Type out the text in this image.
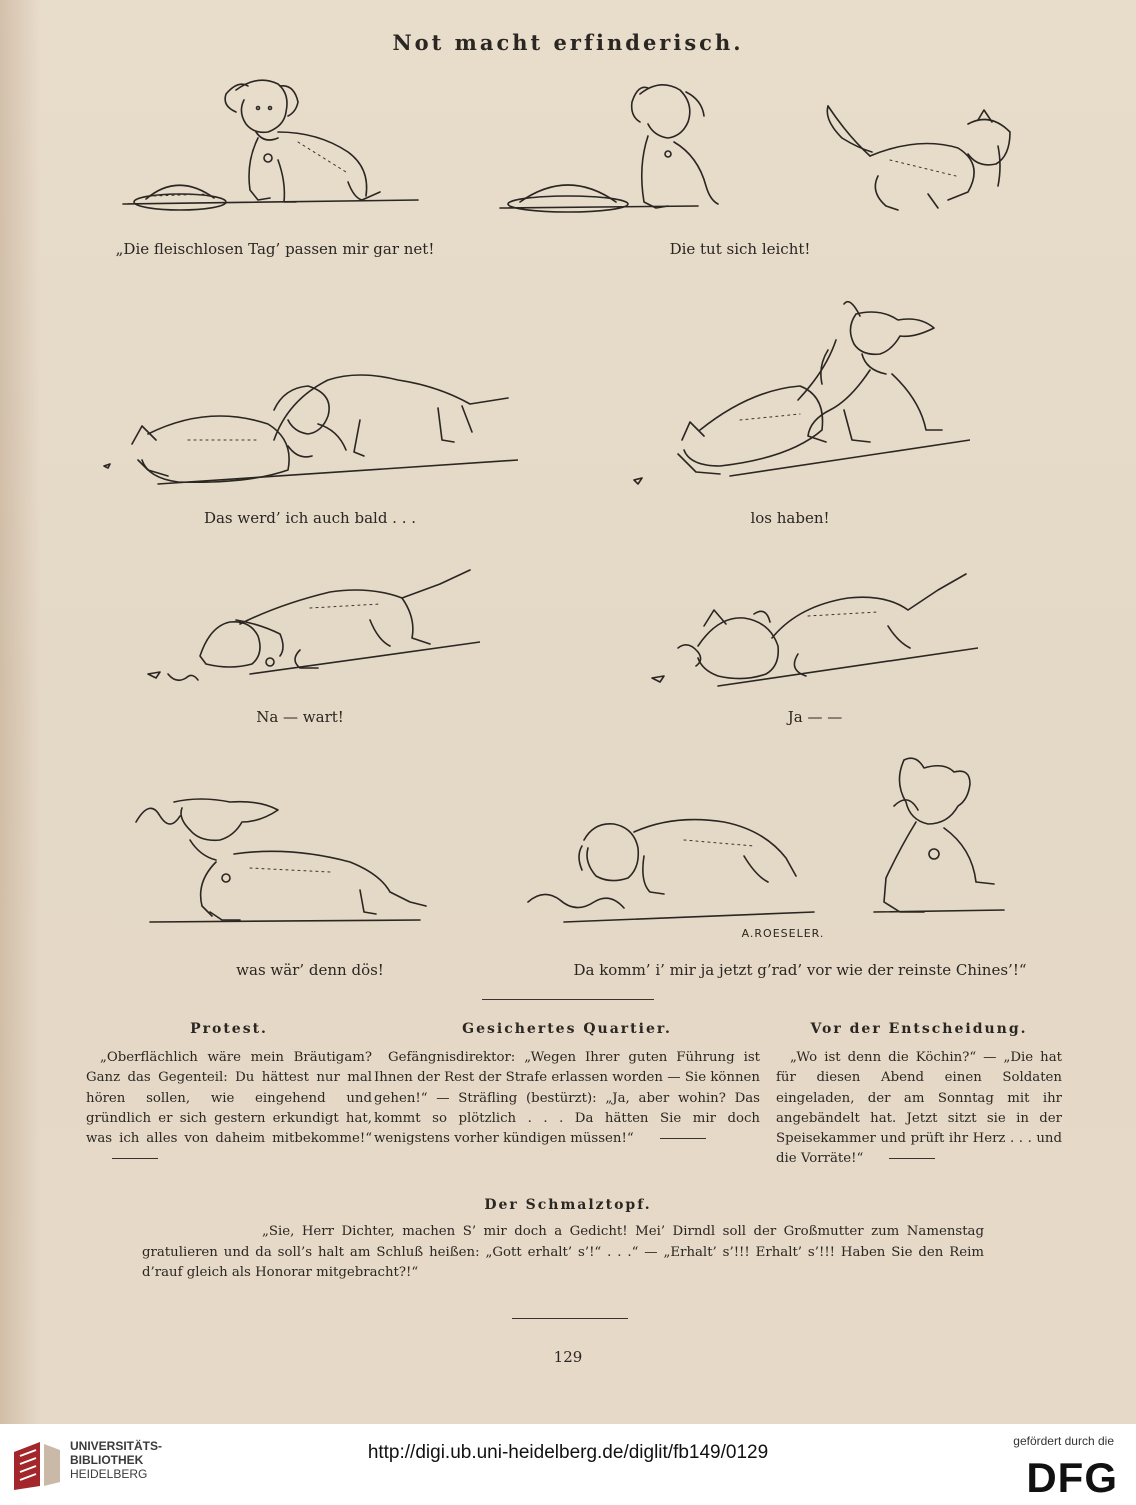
Not macht erfinderisch.
„Die fleischlosen Tag’ passen mir gar net!	Die tut sich leicht!
Das werd’ ich auch bald . . .	los haben!
Na — wart!	Ja — —
was wär’ denn dös!
A.ROESELER.
Da komm’ i’ mir ja jetzt g’rad’ vor wie der reinste Chines’!“
Protest.

„Oberflächlich wäre mein Bräutigam? Ganz das Gegenteil: Du hättest nur mal hören sollen, wie eingehend und gründlich er sich gestern erkundigt hat, was ich alles von daheim mitbekomme!“

Gesichertes Quartier.

Gefängnisdirektor: „Wegen Ihrer guten Führung ist Ihnen der Rest der Strafe erlassen worden — Sie können gehen!“ — Sträfling (bestürzt): „Ja, aber wohin? Das kommt so plötzlich . . . Da hätten Sie mir doch wenigstens vorher kündigen müssen!“

Vor der Entscheidung.

„Wo ist denn die Köchin?“ — „Die hat für diesen Abend einen Soldaten eingeladen, der am Sonntag mit ihr angebändelt hat. Jetzt sitzt sie in der Speisekammer und prüft ihr Herz . . . und die Vorräte!“

Der Schmalztopf.

„Sie, Herr Dichter, machen S’ mir doch a Gedicht! Mei’ Dirndl soll der Großmutter zum Namenstag gratulieren und da soll’s halt am Schluß heißen: „Gott erhalt’ s’!“ . . .“ — „Erhalt’ s’!!! Erhalt’ s’!!! Haben Sie den Reim d’rauf gleich als Honorar mitgebracht?!“

129
UNIVERSITÄTS-
BIBLIOTHEK
HEIDELBERG
http://digi.ub.uni-heidelberg.de/diglit/fb149/0129
gefördert durch die
DFG
